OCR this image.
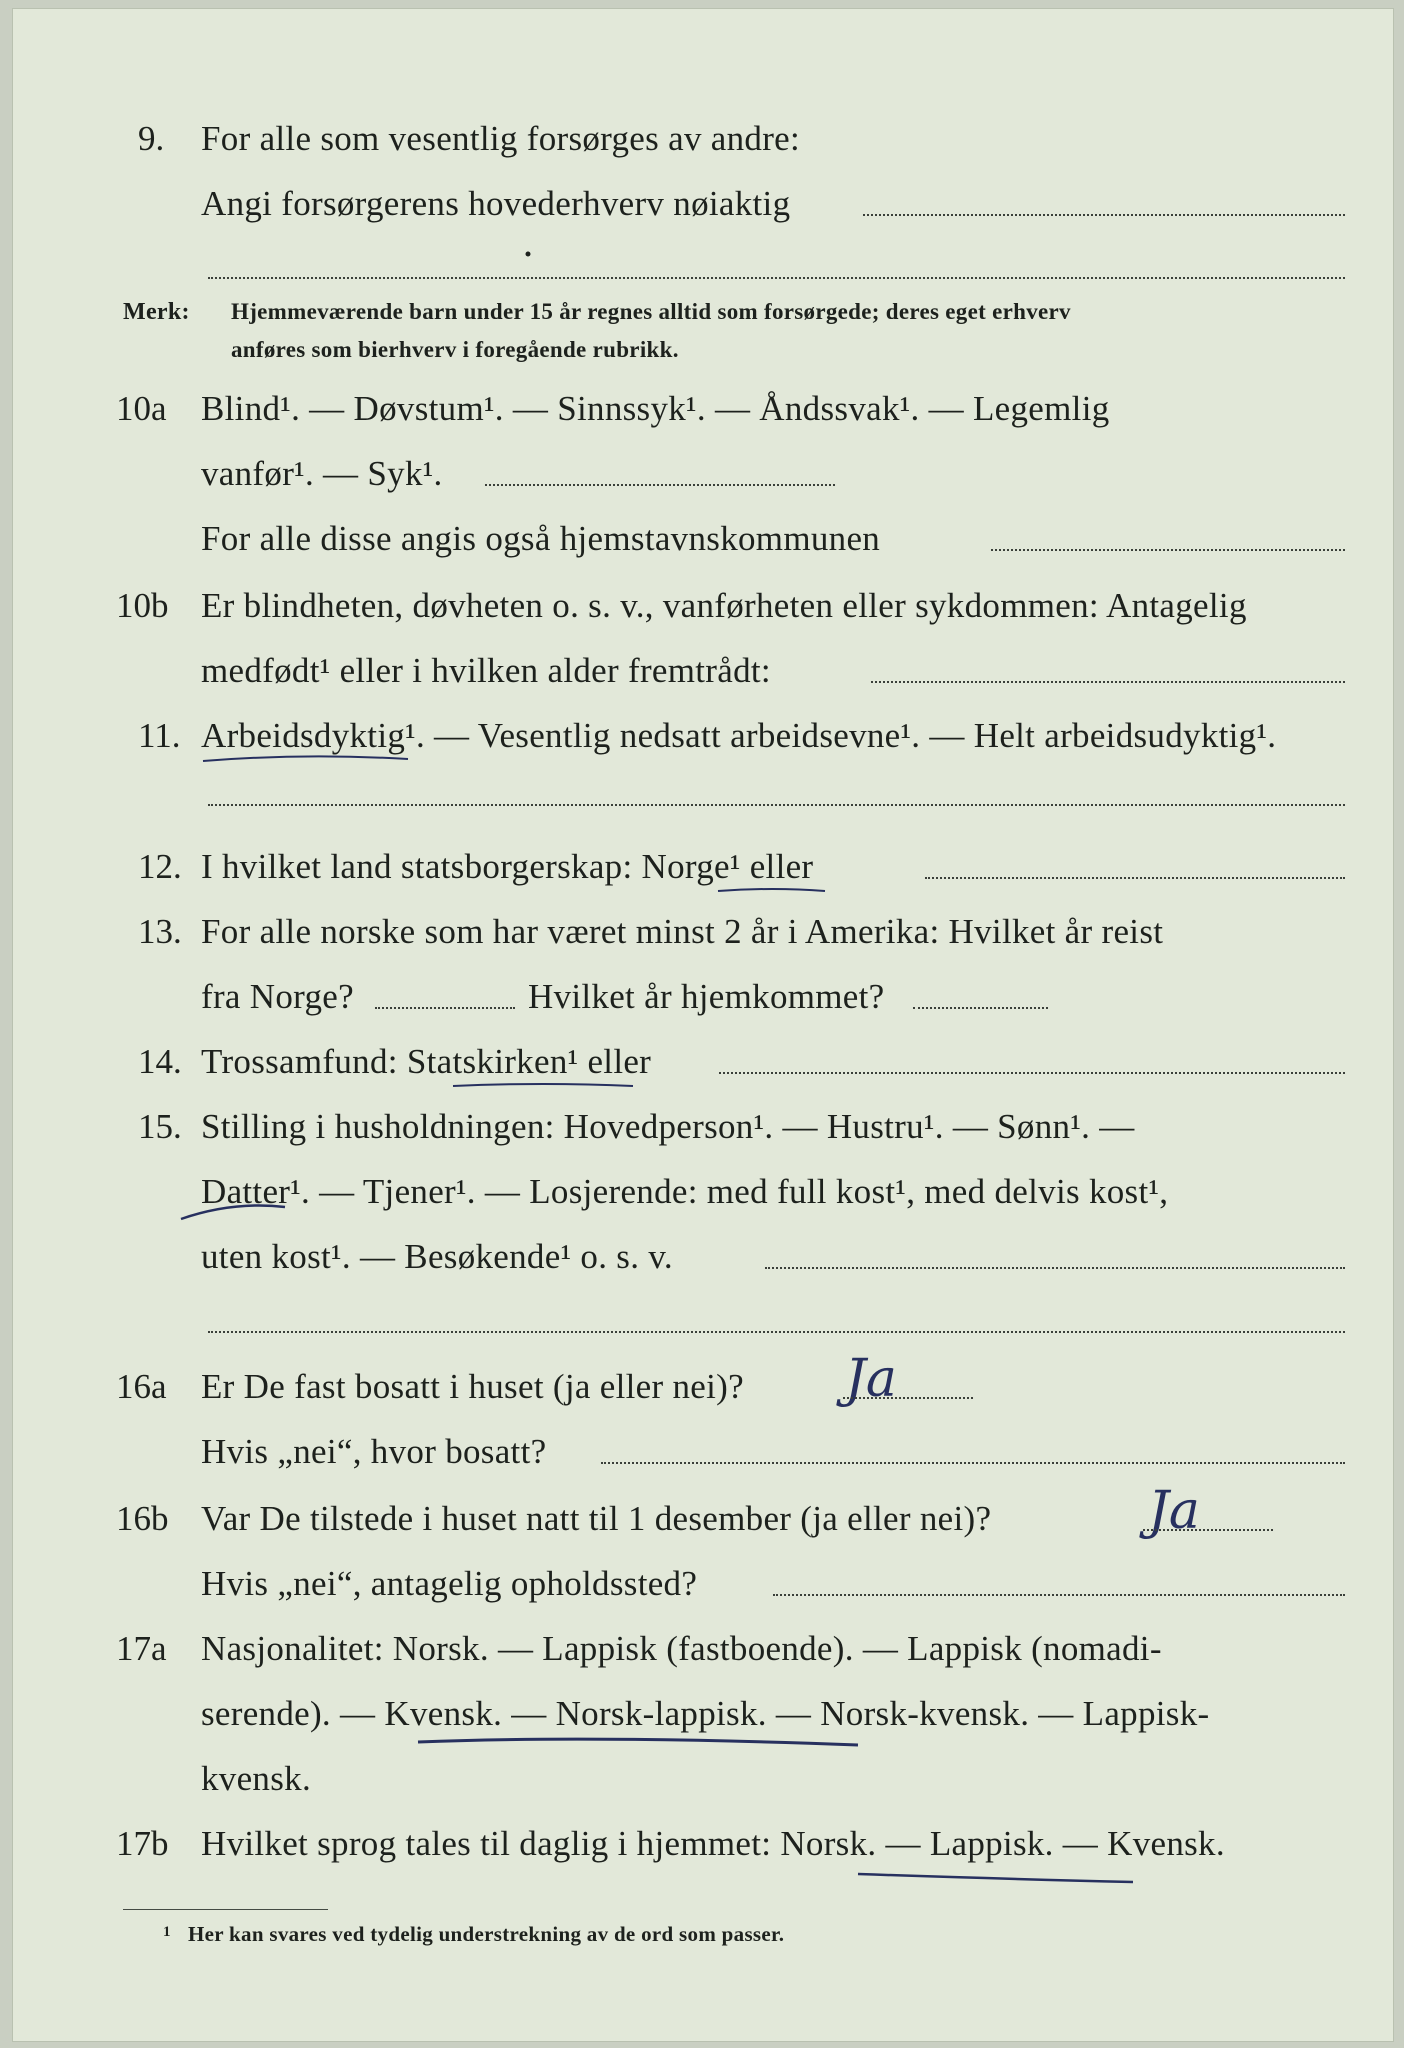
9. For alle som vesentlig forsørges av andre:
Angi forsørgerens hovederhverv nøiaktig
Merk: Hjemmeværende barn under 15 år regnes alltid som forsørgede; deres eget erhverv
anføres som bierhverv i foregående rubrikk.
10a Blind¹. — Døvstum¹. — Sinnssyk¹. — Åndssvak¹. — Legemlig
vanfør¹. — Syk¹.
For alle disse angis også hjemstavnskommunen
10b Er blindheten, døvheten o. s. v., vanførheten eller sykdommen: Antagelig
medfødt¹ eller i hvilken alder fremtrådt:
11. Arbeidsdyktig¹. — Vesentlig nedsatt arbeidsevne¹. — Helt arbeidsudyktig¹.
12. I hvilket land statsborgerskap: Norge¹ eller
13. For alle norske som har været minst 2 år i Amerika: Hvilket år reist
fra Norge?	Hvilket år hjemkommet?
14. Trossamfund: Statskirken¹ eller
15. Stilling i husholdningen: Hovedperson¹. — Hustru¹. — Sønn¹. —
Datter¹. — Tjener¹. — Losjerende: med full kost¹, med delvis kost¹,
uten kost¹. — Besøkende¹ o. s. v.
16a Er De fast bosatt i huset (ja eller nei)? Ja
Hvis „nei“, hvor bosatt?
16b Var De tilstede i huset natt til 1 desember (ja eller nei)?	Ja
Hvis „nei“, antagelig opholdssted?
17a Nasjonalitet: Norsk. — Lappisk (fastboende). — Lappisk (nomadi-
serende). — Kvensk. — Norsk-lappisk. — Norsk-kvensk. — Lappisk-
kvensk.
17b Hvilket sprog tales til daglig i hjemmet: Norsk. — Lappisk. — Kvensk.
1 Her kan svares ved tydelig understrekning av de ord som passer.
